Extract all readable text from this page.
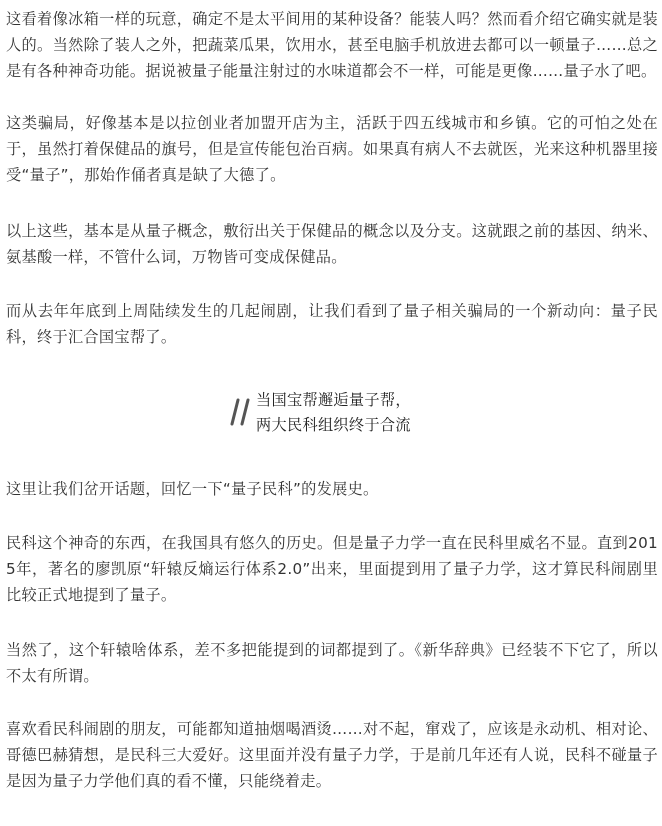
这看着像冰箱一样的玩意，确定不是太平间用的某种设备？能装人吗？然而看介绍它确实就是装人的。当然除了装人之外，把蔬菜瓜果，饮用水，甚至电脑手机放进去都可以一顿量子……总之是有各种神奇功能。据说被量子能量注射过的水味道都会不一样，可能是更像……量子水了吧。

这类骗局，好像基本是以拉创业者加盟开店为主，活跃于四五线城市和乡镇。它的可怕之处在于，虽然打着保健品的旗号，但是宣传能包治百病。如果真有病人不去就医，光来这种机器里接受“量子”，那始作俑者真是缺了大德了。

以上这些，基本是从量子概念，敷衍出关于保健品的概念以及分支。这就跟之前的基因、纳米、氨基酸一样，不管什么词，万物皆可变成保健品。

而从去年年底到上周陆续发生的几起闹剧，让我们看到了量子相关骗局的一个新动向：量子民科，终于汇合国宝帮了。

当国宝帮邂逅量子帮，
两大民科组织终于合流

这里让我们岔开话题，回忆一下“量子民科”的发展史。

民科这个神奇的东西，在我国具有悠久的历史。但是量子力学一直在民科里威名不显。直到2015年，著名的廖凯原“轩辕反熵运行体系2.0”出来，里面提到用了量子力学，这才算民科闹剧里比较正式地提到了量子。

当然了，这个轩辕啥体系，差不多把能提到的词都提到了。《新华辞典》已经装不下它了，所以不太有所谓。

喜欢看民科闹剧的朋友，可能都知道抽烟喝酒烫……对不起，窜戏了，应该是永动机、相对论、哥德巴赫猜想，是民科三大爱好。这里面并没有量子力学，于是前几年还有人说，民科不碰量子是因为量子力学他们真的看不懂，只能绕着走。
